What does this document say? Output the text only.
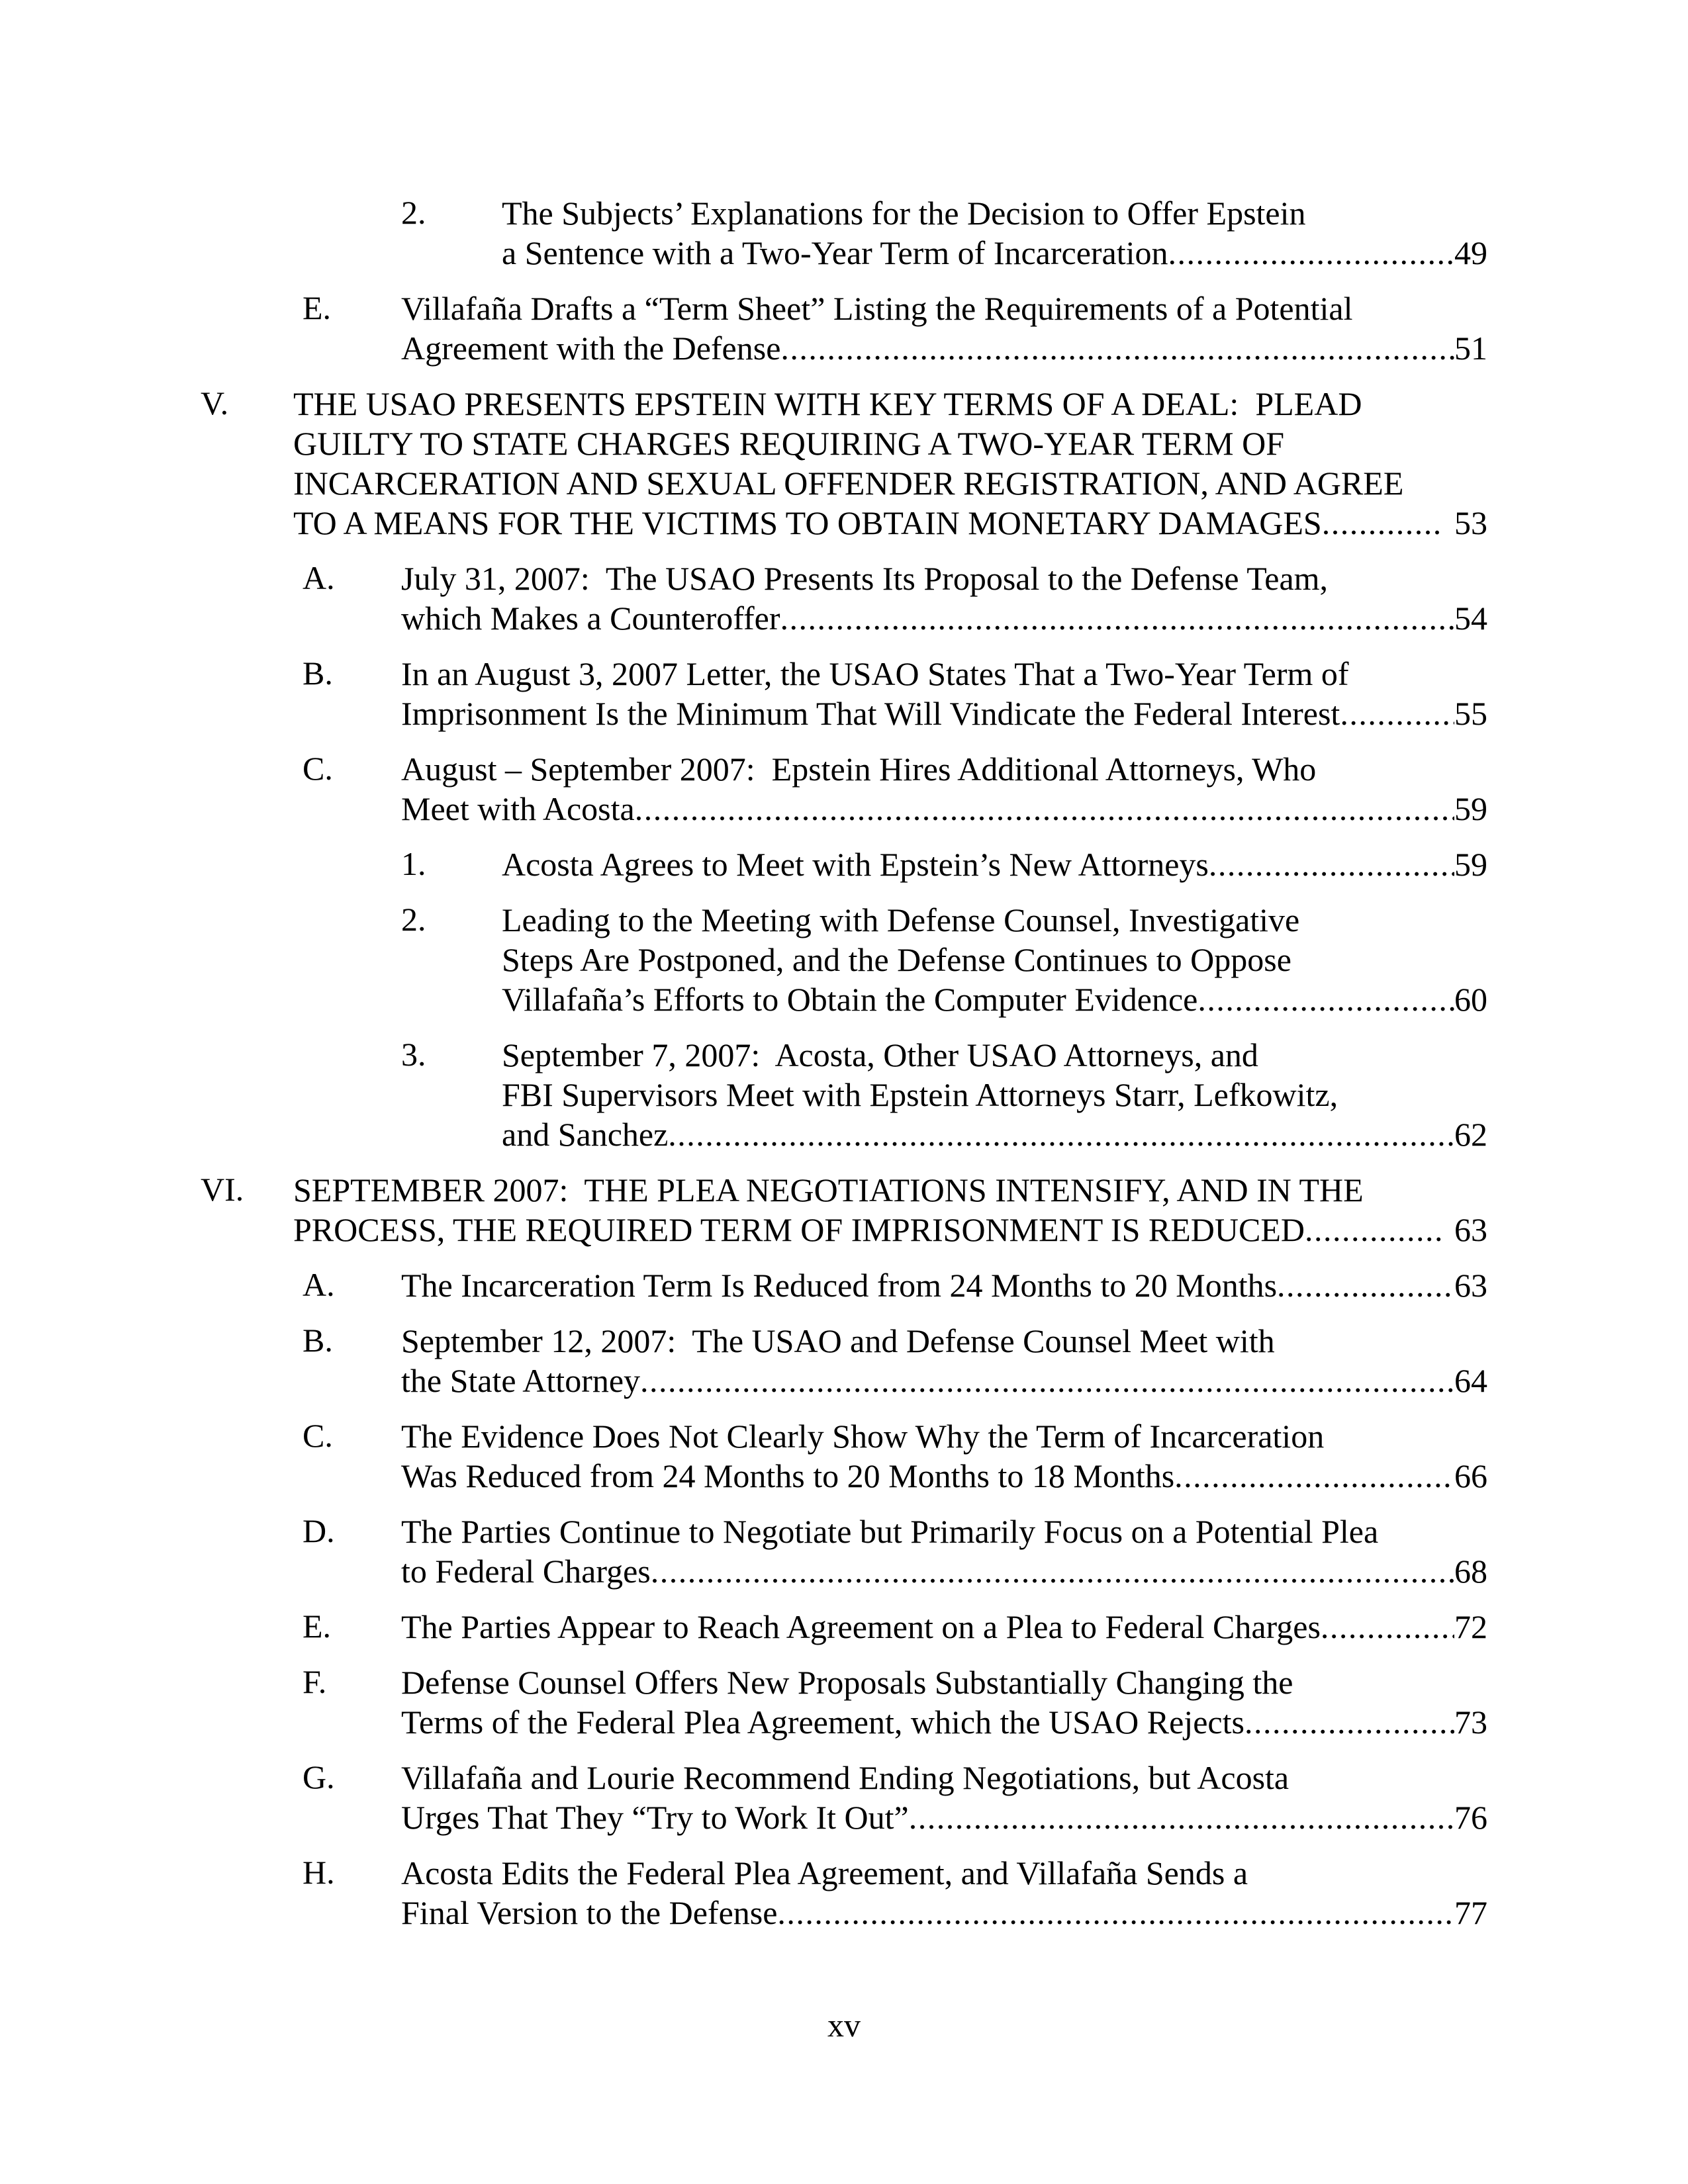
2.	The Subjects’ Explanations for the Decision to Offer Epstein
a Sentence with a Two-Year Term of Incarceration .....	49
E.	Villafaña Drafts a “Term Sheet” Listing the Requirements of a Potential
Agreement with the Defense .....	51
V.	THE USAO PRESENTS EPSTEIN WITH KEY TERMS OF A DEAL:  PLEAD
GUILTY TO STATE CHARGES REQUIRING A TWO-YEAR TERM OF
INCARCERATION AND SEXUAL OFFENDER REGISTRATION, AND AGREE
TO A MEANS FOR THE VICTIMS TO OBTAIN MONETARY DAMAGES .....	53
A.	July 31, 2007:  The USAO Presents Its Proposal to the Defense Team,
which Makes a Counteroffer .....	54
B.	In an August 3, 2007 Letter, the USAO States That a Two-Year Term of
Imprisonment Is the Minimum That Will Vindicate the Federal Interest .....	55
C.	August – September 2007:  Epstein Hires Additional Attorneys, Who
Meet with Acosta .....	59
1.	Acosta Agrees to Meet with Epstein’s New Attorneys .....	59
2.	Leading to the Meeting with Defense Counsel, Investigative
Steps Are Postponed, and the Defense Continues to Oppose
Villafaña’s Efforts to Obtain the Computer Evidence .....	60
3.	September 7, 2007:  Acosta, Other USAO Attorneys, and
FBI Supervisors Meet with Epstein Attorneys Starr, Lefkowitz,
and Sanchez .....	62
VI.	SEPTEMBER 2007:  THE PLEA NEGOTIATIONS INTENSIFY, AND IN THE
PROCESS, THE REQUIRED TERM OF IMPRISONMENT IS REDUCED .....	63
A.	The Incarceration Term Is Reduced from 24 Months to 20 Months .....	63
B.	September 12, 2007:  The USAO and Defense Counsel Meet with
the State Attorney .....	64
C.	The Evidence Does Not Clearly Show Why the Term of Incarceration
Was Reduced from 24 Months to 20 Months to 18 Months .....	66
D.	The Parties Continue to Negotiate but Primarily Focus on a Potential Plea
to Federal Charges .....	68
E.	The Parties Appear to Reach Agreement on a Plea to Federal Charges .....	72
F.	Defense Counsel Offers New Proposals Substantially Changing the
Terms of the Federal Plea Agreement, which the USAO Rejects .....	73
G.	Villafaña and Lourie Recommend Ending Negotiations, but Acosta
Urges That They “Try to Work It Out” .....	76
H.	Acosta Edits the Federal Plea Agreement, and Villafaña Sends a
Final Version to the Defense .....	77
xv
